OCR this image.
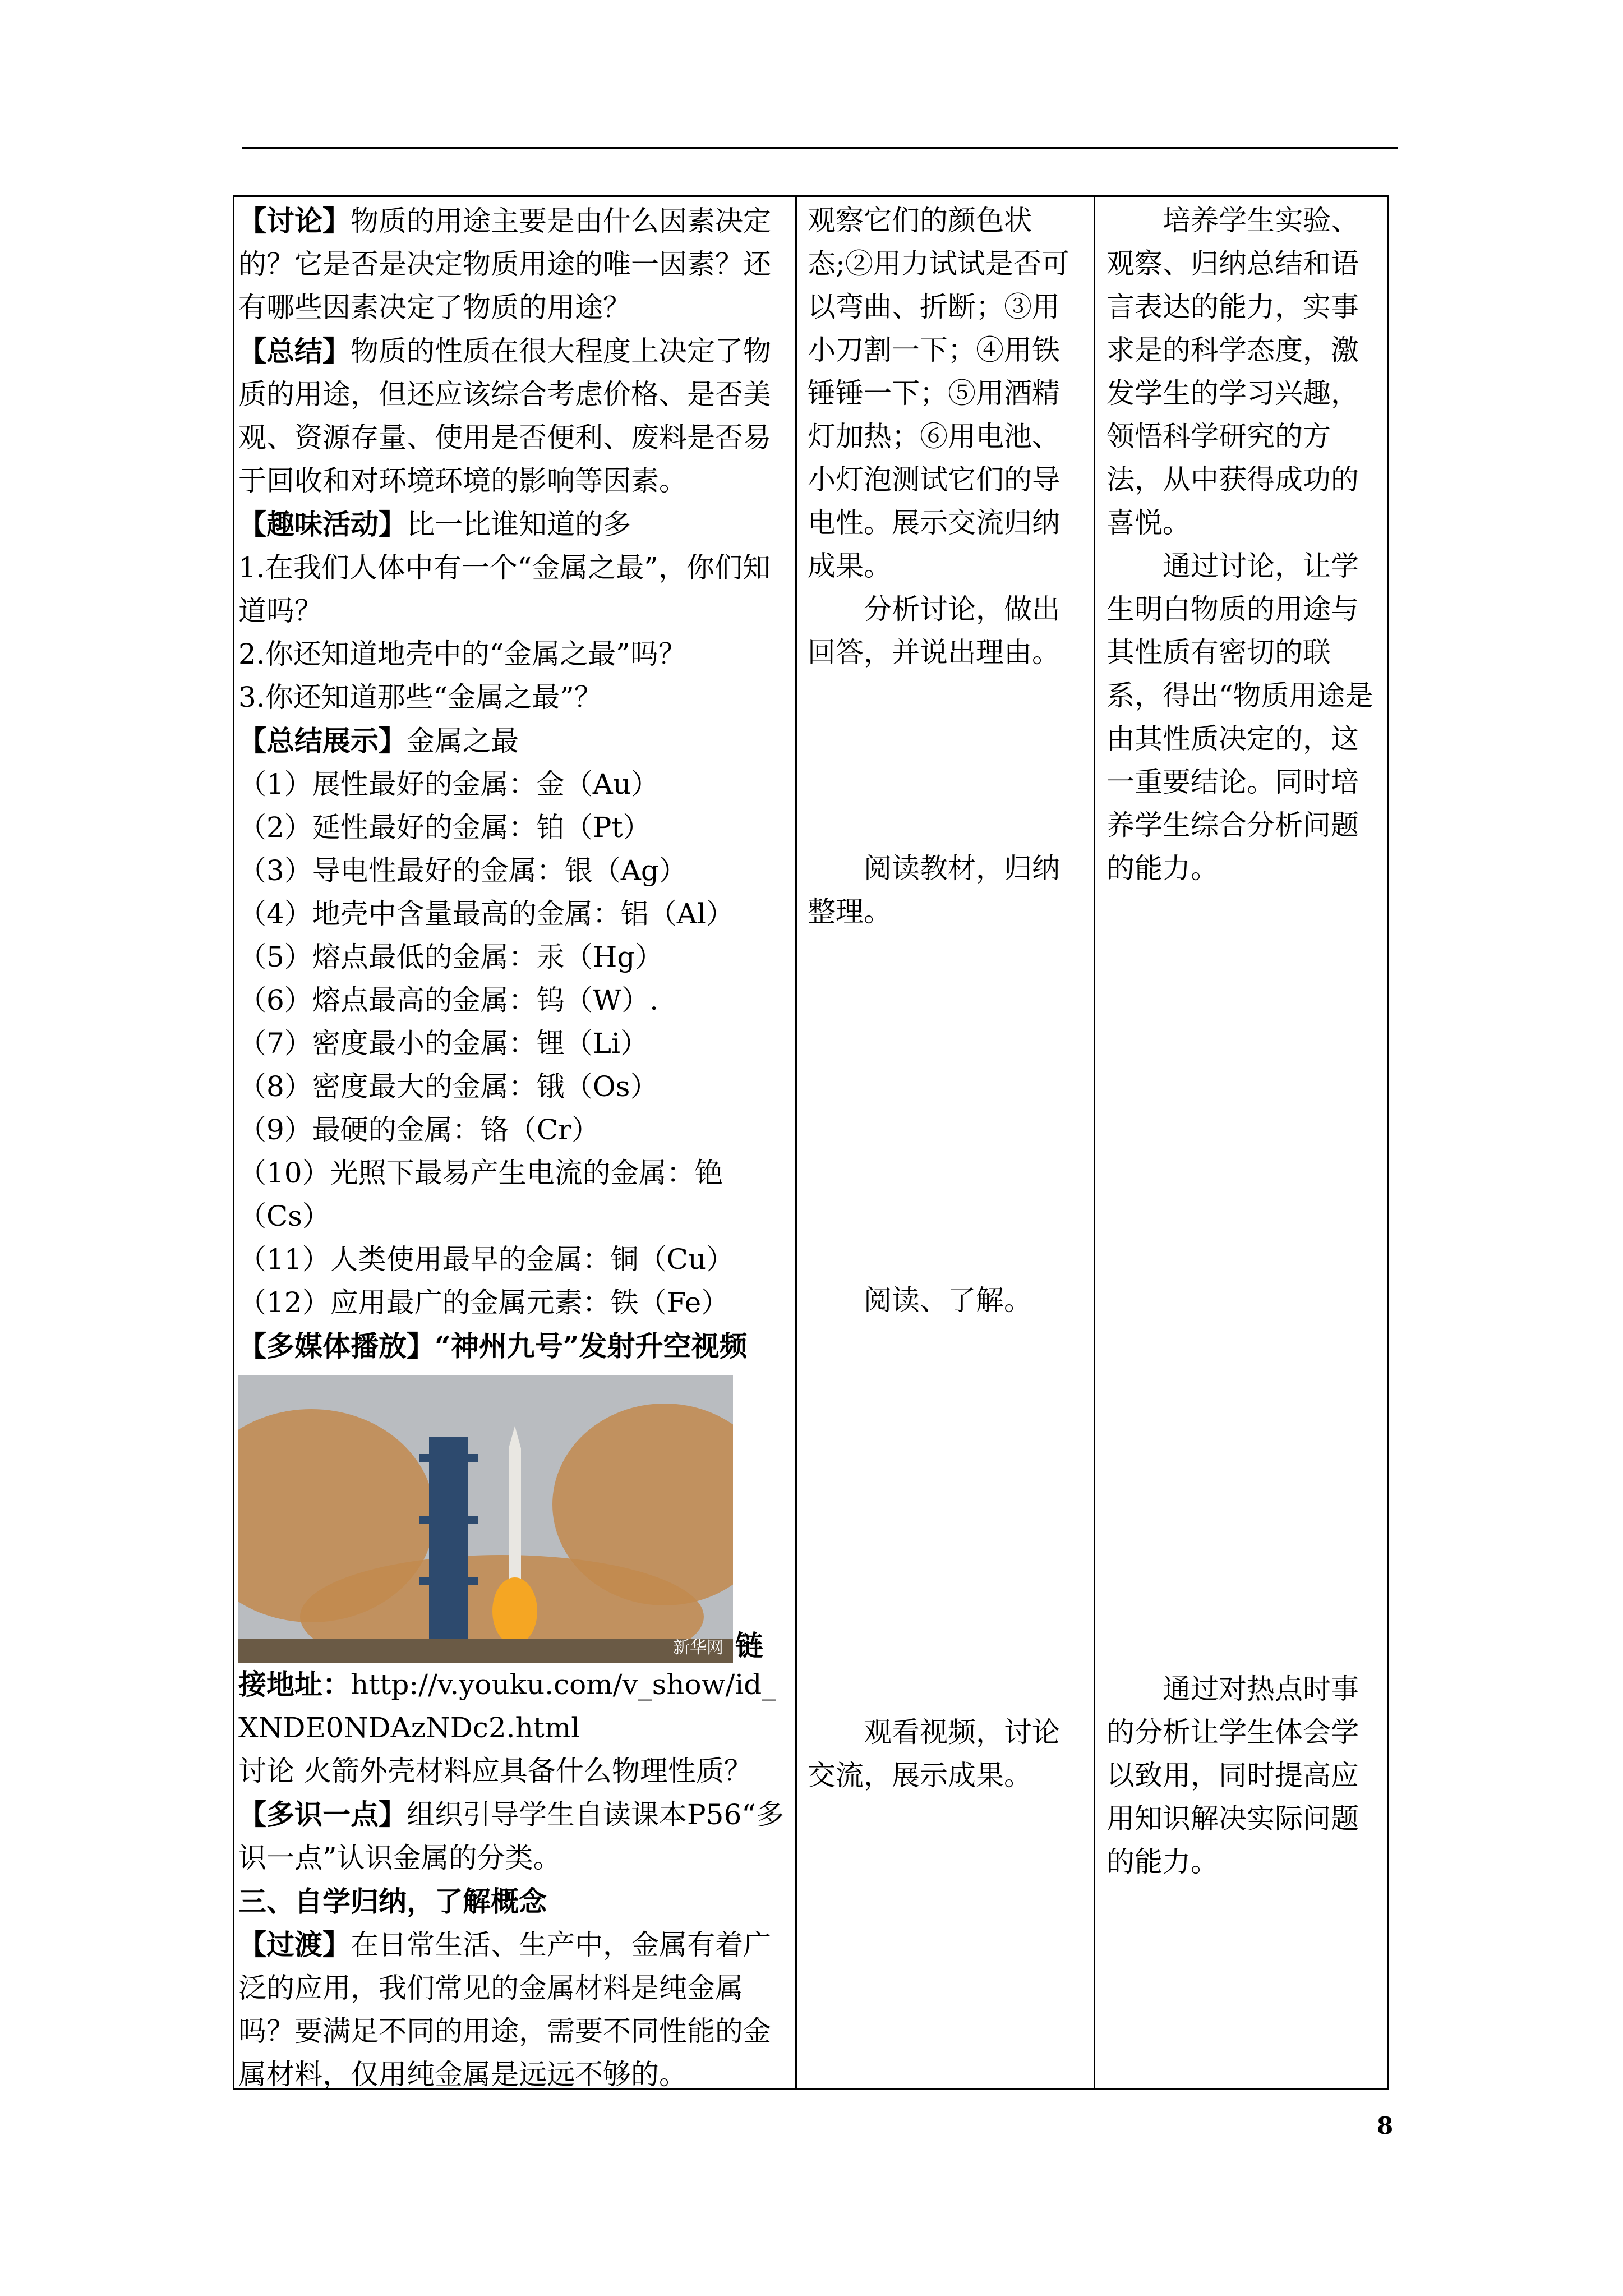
【讨论】物质的用途主要是由什么因素决定的？它是否是决定物质用途的唯一因素？还有哪些因素决定了物质的用途？

【总结】物质的性质在很大程度上决定了物质的用途，但还应该综合考虑价格、是否美观、资源存量、使用是否便利、废料是否易于回收和对环境环境的影响等因素。

【趣味活动】比一比谁知道的多

1.在我们人体中有一个“金属之最”，你们知道吗？

2.你还知道地壳中的“金属之最”吗？

3.你还知道那些“金属之最”？

【总结展示】金属之最

（1）展性最好的金属：金（Au）

（2）延性最好的金属：铂（Pt）

（3）导电性最好的金属：银（Ag）

（4）地壳中含量最高的金属：铝（Al）

（5）熔点最低的金属：汞（Hg）

（6）熔点最高的金属：钨（W）.

（7）密度最小的金属：锂（Li）

（8）密度最大的金属：锇（Os）

（9）最硬的金属：铬（Cr）

（10）光照下最易产生电流的金属：铯（Cs）

（11）人类使用最早的金属：铜（Cu）

（12）应用最广的金属元素：铁（Fe）

【多媒体播放】“神州九号”发射升空视频

新华网 链

接地址：http://v.youku.com/v_show/id_XNDE0NDAzNDc2.html

讨论 火箭外壳材料应具备什么物理性质？

【多识一点】组织引导学生自读课本P56“多识一点”认识金属的分类。

三、自学归纳，了解概念

【过渡】在日常生活、生产中，金属有着广泛的应用，我们常见的金属材料是纯金属吗？要满足不同的用途，需要不同性能的金属材料，仅用纯金属是远远不够的。

观察它们的颜色状态;②用力试试是否可以弯曲、折断；③用小刀割一下；④用铁锤锤一下；⑤用酒精灯加热；⑥用电池、小灯泡测试它们的导电性。展示交流归纳成果。

分析讨论，做出回答，并说出理由。

阅读教材，归纳整理。

阅读、了解。

观看视频，讨论交流，展示成果。

培养学生实验、观察、归纳总结和语言表达的能力，实事求是的科学态度，激发学生的学习兴趣，领悟科学研究的方法，从中获得成功的喜悦。

通过讨论，让学生明白物质的用途与其性质有密切的联系，得出“物质用途是由其性质决定的，这一重要结论。同时培养学生综合分析问题的能力。

通过对热点时事的分析让学生体会学以致用，同时提高应用知识解决实际问题的能力。

8
